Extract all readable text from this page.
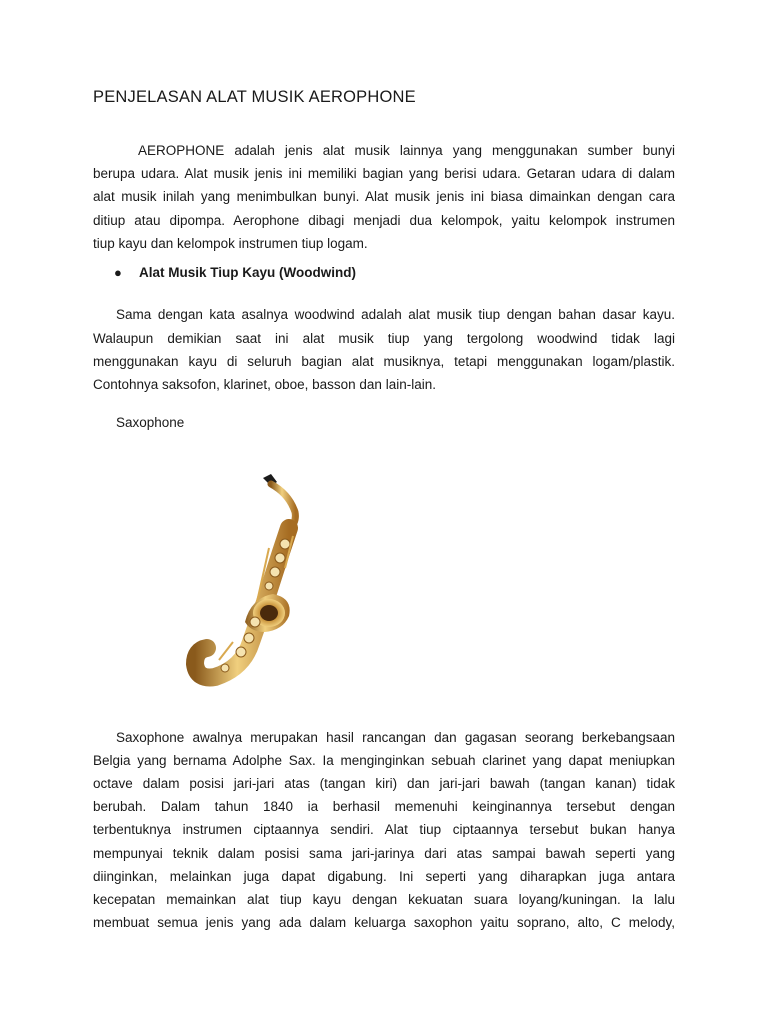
PENJELASAN ALAT MUSIK AEROPHONE
AEROPHONE adalah jenis alat musik lainnya yang menggunakan sumber bunyi
berupa udara. Alat musik jenis ini memiliki bagian yang berisi udara. Getaran udara di dalam
alat musik inilah yang menimbulkan bunyi. Alat musik jenis ini biasa dimainkan dengan cara
ditiup atau dipompa. Aerophone dibagi menjadi dua kelompok, yaitu kelompok instrumen
tiup kayu dan kelompok instrumen tiup logam.
● Alat Musik Tiup Kayu (Woodwind)
Sama dengan kata asalnya woodwind adalah alat musik tiup dengan bahan dasar kayu.
Walaupun demikian saat ini alat musik tiup yang tergolong woodwind tidak lagi
menggunakan kayu di seluruh bagian alat musiknya, tetapi menggunakan logam/plastik.
Contohnya saksofon, klarinet, oboe, basson dan lain-lain.
Saxophone
Saxophone awalnya merupakan hasil rancangan dan gagasan seorang berkebangsaan
Belgia yang bernama Adolphe Sax. Ia menginginkan sebuah clarinet yang dapat meniupkan
octave dalam posisi jari-jari atas (tangan kiri) dan jari-jari bawah (tangan kanan) tidak
berubah. Dalam tahun 1840 ia berhasil memenuhi keinginannya tersebut dengan
terbentuknya instrumen ciptaannya sendiri. Alat tiup ciptaannya tersebut bukan hanya
mempunyai teknik dalam posisi sama jari-jarinya dari atas sampai bawah seperti yang
diinginkan, melainkan juga dapat digabung. Ini seperti yang diharapkan juga antara
kecepatan memainkan alat tiup kayu dengan kekuatan suara loyang/kuningan. Ia lalu
membuat semua jenis yang ada dalam keluarga saxophon yaitu soprano, alto, C melody,
